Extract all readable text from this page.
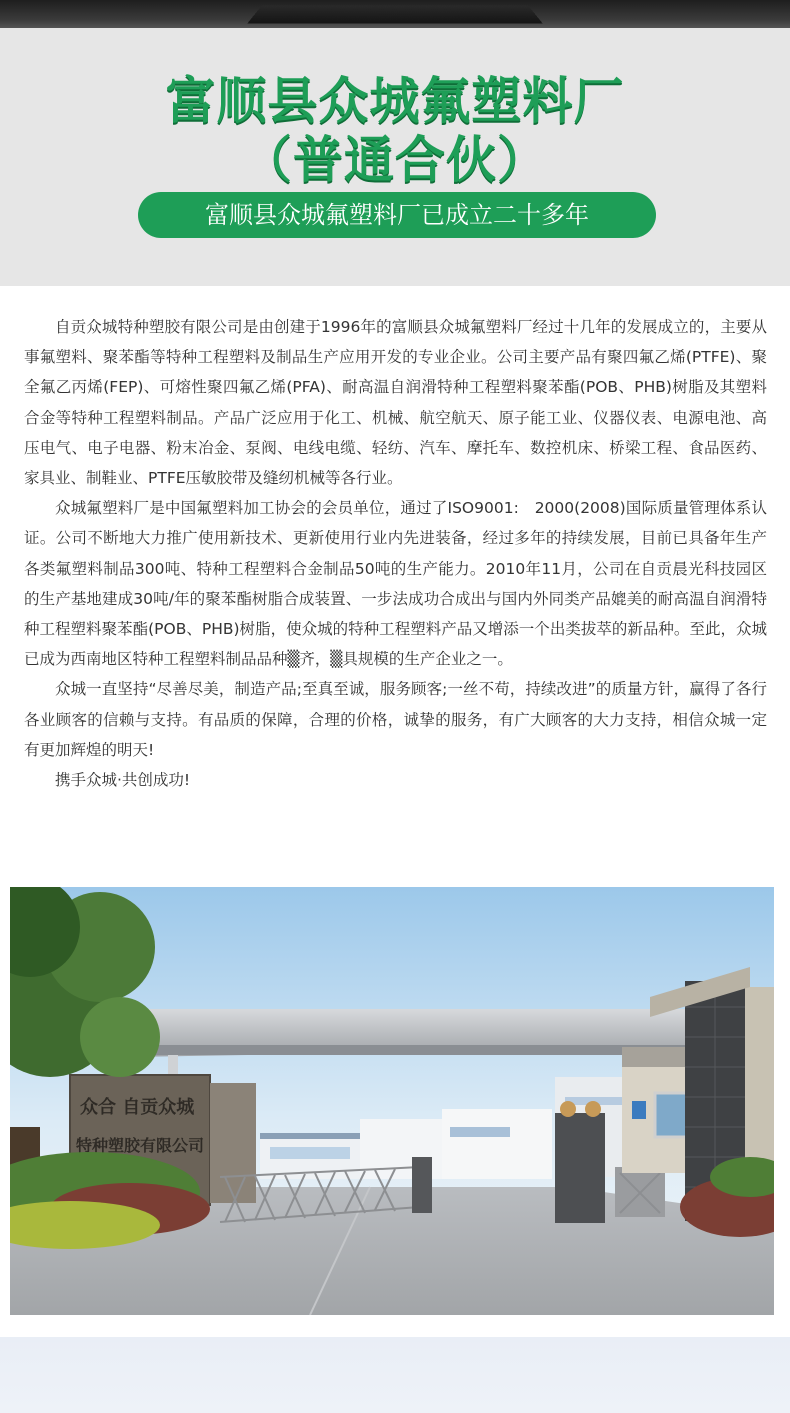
富顺县众城氟塑料厂
（普通合伙）
富顺县众城氟塑料厂已成立二十多年

自贡众城特种塑胶有限公司是由创建于1996年的富顺县众城氟塑料厂经过十几年的发展成立的，主要从事氟塑料、聚苯酯等特种工程塑料及制品生产应用开发的专业企业。公司主要产品有聚四氟乙烯(PTFE)、聚全氟乙丙烯(FEP)、可熔性聚四氟乙烯(PFA)、耐高温自润滑特种工程塑料聚苯酯(POB、PHB)树脂及其塑料合金等特种工程塑料制品。产品广泛应用于化工、机械、航空航天、原子能工业、仪器仪表、电源电池、高压电气、电子电器、粉末冶金、泵阀、电线电缆、轻纺、汽车、摩托车、数控机床、桥梁工程、食品医药、家具业、制鞋业、PTFE压敏胶带及缝纫机械等各行业。

众城氟塑料厂是中国氟塑料加工协会的会员单位，通过了ISO9001:　2000(2008)国际质量管理体系认证。公司不断地大力推广使用新技术、更新使用行业内先进装备，经过多年的持续发展，目前已具备年生产各类氟塑料制品300吨、特种工程塑料合金制品50吨的生产能力。2010年11月，公司在自贡晨光科技园区的生产基地建成30吨/年的聚苯酯树脂合成装置、一步法成功合成出与国内外同类产品媲美的耐高温自润滑特种工程塑料聚苯酯(POB、PHB)树脂，使众城的特种工程塑料产品又增添一个出类拔萃的新品种。至此，众城已成为西南地区特种工程塑料制品品种▒齐，▒具规模的生产企业之一。

众城一直坚持“尽善尽美，制造产品;至真至诚，服务顾客;一丝不苟，持续改进”的质量方针，赢得了各行各业顾客的信赖与支持。有品质的保障，合理的价格，诚挚的服务，有广大顾客的大力支持，相信众城一定有更加辉煌的明天!

携手众城·共创成功!

众合 自贡众城
特种塑胶有限公司
